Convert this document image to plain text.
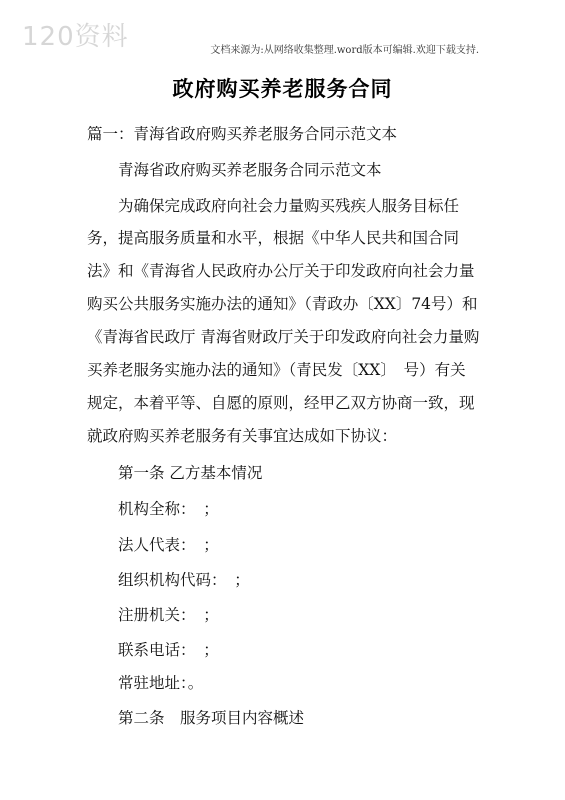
120资料	文档来源为:从网络收集整理.word版本可编辑.欢迎下载支持.
政府购买养老服务合同
篇一：青海省政府购买养老服务合同示范文本
青海省政府购买养老服务合同示范文本
为确保完成政府向社会力量购买残疾人服务目标任
务，提高服务质量和水平，根据《中华人民共和国合同
法》和《青海省人民政府办公厅关于印发政府向社会力量
购买公共服务实施办法的通知》（青政办〔XX〕74号）和
《青海省民政厅 青海省财政厅关于印发政府向社会力量购
买养老服务实施办法的通知》（青民发〔XX〕　号）有关
规定，本着平等、自愿的原则，经甲乙双方协商一致，现
就政府购买养老服务有关事宜达成如下协议：
第一条 乙方基本情况
机构全称：　；
法人代表：　；
组织机构代码：　；
注册机关：　；
联系电话：　；
常驻地址：。
第二条　服务项目内容概述
